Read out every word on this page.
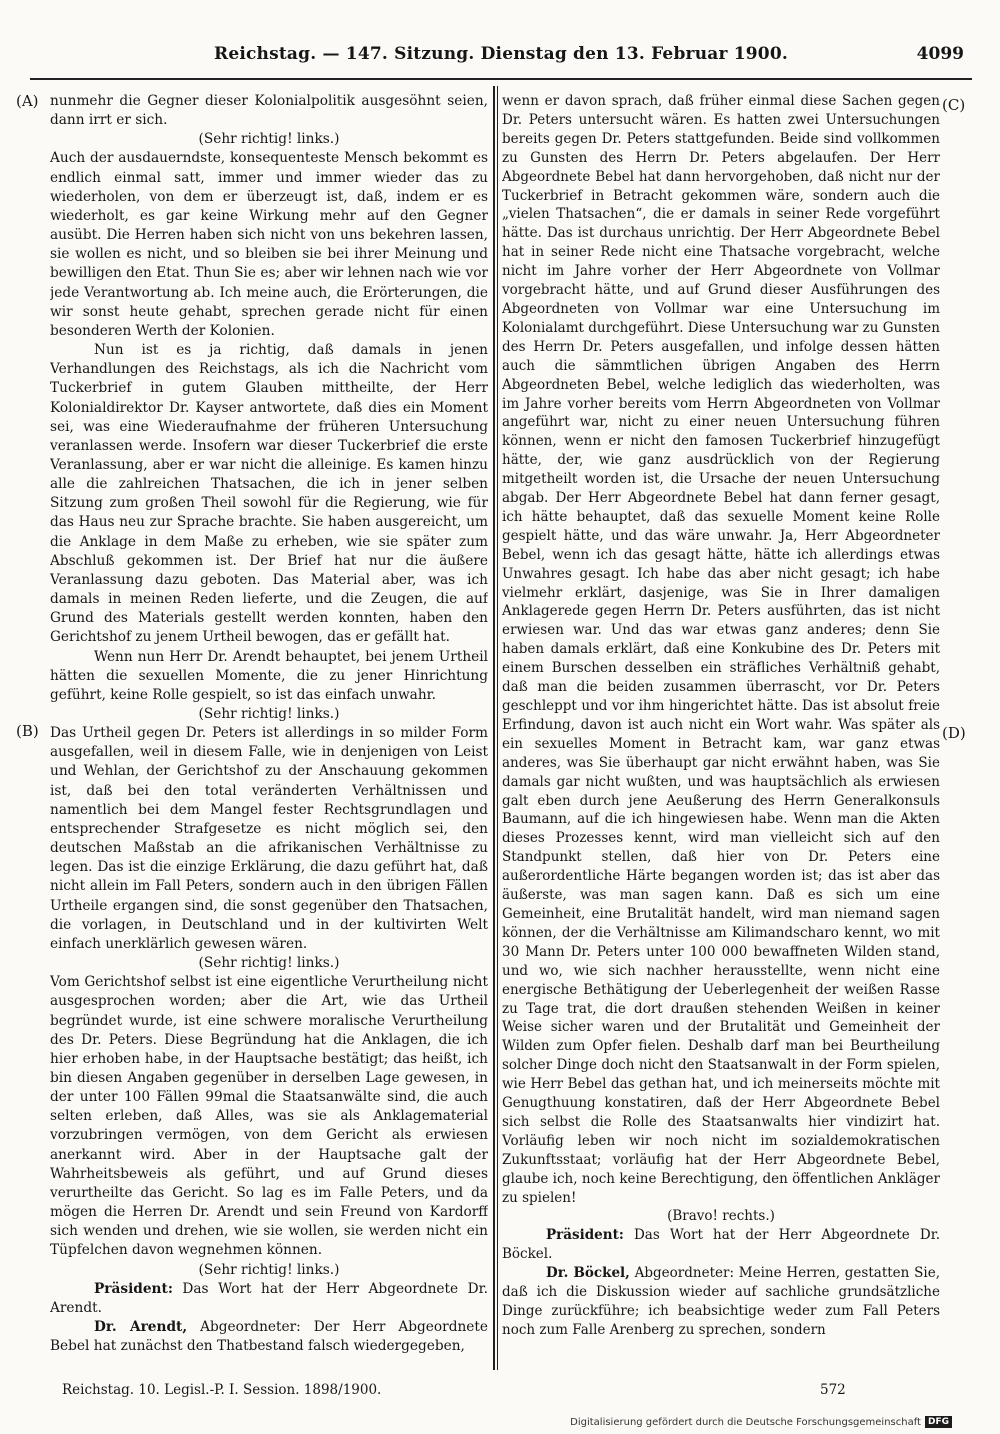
Reichstag. — 147. Sitzung. Dienstag den 13. Februar 1900.	4099
(A)
(B)
(C)
(D)

nunmehr die Gegner dieser Kolonialpolitik ausgesöhnt seien, dann irrt er sich.

(Sehr richtig! links.)

Auch der ausdauerndste, konsequenteste Mensch bekommt es endlich einmal satt, immer und immer wieder das zu wiederholen, von dem er überzeugt ist, daß, indem er es wiederholt, es gar keine Wirkung mehr auf den Gegner ausübt. Die Herren haben sich nicht von uns bekehren lassen, sie wollen es nicht, und so bleiben sie bei ihrer Meinung und bewilligen den Etat. Thun Sie es; aber wir lehnen nach wie vor jede Verantwortung ab. Ich meine auch, die Erörterungen, die wir sonst heute gehabt, sprechen gerade nicht für einen besonderen Werth der Kolonien.

Nun ist es ja richtig, daß damals in jenen Verhandlungen des Reichstags, als ich die Nachricht vom Tuckerbrief in gutem Glauben mittheilte, der Herr Kolonialdirektor Dr. Kayser antwortete, daß dies ein Moment sei, was eine Wiederaufnahme der früheren Untersuchung veranlassen werde. Insofern war dieser Tuckerbrief die erste Veranlassung, aber er war nicht die alleinige. Es kamen hinzu alle die zahlreichen Thatsachen, die ich in jener selben Sitzung zum großen Theil sowohl für die Regierung, wie für das Haus neu zur Sprache brachte. Sie haben ausgereicht, um die Anklage in dem Maße zu erheben, wie sie später zum Abschluß gekommen ist. Der Brief hat nur die äußere Veranlassung dazu geboten. Das Material aber, was ich damals in meinen Reden lieferte, und die Zeugen, die auf Grund des Materials gestellt werden konnten, haben den Gerichtshof zu jenem Urtheil bewogen, das er gefällt hat.

Wenn nun Herr Dr. Arendt behauptet, bei jenem Urtheil hätten die sexuellen Momente, die zu jener Hinrichtung geführt, keine Rolle gespielt, so ist das einfach unwahr.

(Sehr richtig! links.)

Das Urtheil gegen Dr. Peters ist allerdings in so milder Form ausgefallen, weil in diesem Falle, wie in denjenigen von Leist und Wehlan, der Gerichtshof zu der Anschauung gekommen ist, daß bei den total veränderten Verhältnissen und namentlich bei dem Mangel fester Rechtsgrundlagen und entsprechender Strafgesetze es nicht möglich sei, den deutschen Maßstab an die afrikanischen Verhältnisse zu legen. Das ist die einzige Erklärung, die dazu geführt hat, daß nicht allein im Fall Peters, sondern auch in den übrigen Fällen Urtheile ergangen sind, die sonst gegenüber den Thatsachen, die vorlagen, in Deutschland und in der kultivirten Welt einfach unerklärlich gewesen wären.

(Sehr richtig! links.)

Vom Gerichtshof selbst ist eine eigentliche Verurtheilung nicht ausgesprochen worden; aber die Art, wie das Urtheil begründet wurde, ist eine schwere moralische Verurtheilung des Dr. Peters. Diese Begründung hat die Anklagen, die ich hier erhoben habe, in der Hauptsache bestätigt; das heißt, ich bin diesen Angaben gegenüber in derselben Lage gewesen, in der unter 100 Fällen 99mal die Staatsanwälte sind, die auch selten erleben, daß Alles, was sie als Anklagematerial vorzubringen vermögen, von dem Gericht als erwiesen anerkannt wird. Aber in der Hauptsache galt der Wahrheitsbeweis als geführt, und auf Grund dieses verurtheilte das Gericht. So lag es im Falle Peters, und da mögen die Herren Dr. Arendt und sein Freund von Kardorff sich wenden und drehen, wie sie wollen, sie werden nicht ein Tüpfelchen davon wegnehmen können.

(Sehr richtig! links.)

Präsident: Das Wort hat der Herr Abgeordnete Dr. Arendt.

Dr. Arendt, Abgeordneter: Der Herr Abgeordnete Bebel hat zunächst den Thatbestand falsch wiedergegeben,

wenn er davon sprach, daß früher einmal diese Sachen gegen Dr. Peters untersucht wären. Es hatten zwei Untersuchungen bereits gegen Dr. Peters stattgefunden. Beide sind vollkommen zu Gunsten des Herrn Dr. Peters abgelaufen. Der Herr Abgeordnete Bebel hat dann hervorgehoben, daß nicht nur der Tuckerbrief in Betracht gekommen wäre, sondern auch die „vielen Thatsachen“, die er damals in seiner Rede vorgeführt hätte. Das ist durchaus unrichtig. Der Herr Abgeordnete Bebel hat in seiner Rede nicht eine Thatsache vorgebracht, welche nicht im Jahre vorher der Herr Abgeordnete von Vollmar vorgebracht hätte, und auf Grund dieser Ausführungen des Abgeordneten von Vollmar war eine Untersuchung im Kolonialamt durchgeführt. Diese Untersuchung war zu Gunsten des Herrn Dr. Peters ausgefallen, und infolge dessen hätten auch die sämmtlichen übrigen Angaben des Herrn Abgeordneten Bebel, welche lediglich das wiederholten, was im Jahre vorher bereits vom Herrn Abgeordneten von Vollmar angeführt war, nicht zu einer neuen Untersuchung führen können, wenn er nicht den famosen Tuckerbrief hinzugefügt hätte, der, wie ganz ausdrücklich von der Regierung mitgetheilt worden ist, die Ursache der neuen Untersuchung abgab. Der Herr Abgeordnete Bebel hat dann ferner gesagt, ich hätte behauptet, daß das sexuelle Moment keine Rolle gespielt hätte, und das wäre unwahr. Ja, Herr Abgeordneter Bebel, wenn ich das gesagt hätte, hätte ich allerdings etwas Unwahres gesagt. Ich habe das aber nicht gesagt; ich habe vielmehr erklärt, dasjenige, was Sie in Ihrer damaligen Anklagerede gegen Herrn Dr. Peters ausführten, das ist nicht erwiesen war. Und das war etwas ganz anderes; denn Sie haben damals erklärt, daß eine Konkubine des Dr. Peters mit einem Burschen desselben ein sträfliches Verhältniß gehabt, daß man die beiden zusammen überrascht, vor Dr. Peters geschleppt und vor ihm hingerichtet hätte. Das ist absolut freie Erfindung, davon ist auch nicht ein Wort wahr. Was später als ein sexuelles Moment in Betracht kam, war ganz etwas anderes, was Sie überhaupt gar nicht erwähnt haben, was Sie damals gar nicht wußten, und was hauptsächlich als erwiesen galt eben durch jene Aeußerung des Herrn Generalkonsuls Baumann, auf die ich hingewiesen habe. Wenn man die Akten dieses Prozesses kennt, wird man vielleicht sich auf den Standpunkt stellen, daß hier von Dr. Peters eine außerordentliche Härte begangen worden ist; das ist aber das äußerste, was man sagen kann. Daß es sich um eine Gemeinheit, eine Brutalität handelt, wird man niemand sagen können, der die Verhältnisse am Kilimandscharo kennt, wo mit 30 Mann Dr. Peters unter 100 000 bewaffneten Wilden stand, und wo, wie sich nachher herausstellte, wenn nicht eine energische Bethätigung der Ueberlegenheit der weißen Rasse zu Tage trat, die dort draußen stehenden Weißen in keiner Weise sicher waren und der Brutalität und Gemeinheit der Wilden zum Opfer fielen. Deshalb darf man bei Beurtheilung solcher Dinge doch nicht den Staatsanwalt in der Form spielen, wie Herr Bebel das gethan hat, und ich meinerseits möchte mit Genugthuung konstatiren, daß der Herr Abgeordnete Bebel sich selbst die Rolle des Staatsanwalts hier vindizirt hat. Vorläufig leben wir noch nicht im sozialdemokratischen Zukunftsstaat; vorläufig hat der Herr Abgeordnete Bebel, glaube ich, noch keine Berechtigung, den öffentlichen Ankläger zu spielen!

(Bravo! rechts.)

Präsident: Das Wort hat der Herr Abgeordnete Dr. Böckel.

Dr. Böckel, Abgeordneter: Meine Herren, gestatten Sie, daß ich die Diskussion wieder auf sachliche grundsätzliche Dinge zurückführe; ich beabsichtige weder zum Fall Peters noch zum Falle Arenberg zu sprechen, sondern

Reichstag. 10. Legisl.-P. I. Session. 1898/1900.	572
Digitalisierung gefördert durch die Deutsche Forschungsgemeinschaft DFG
